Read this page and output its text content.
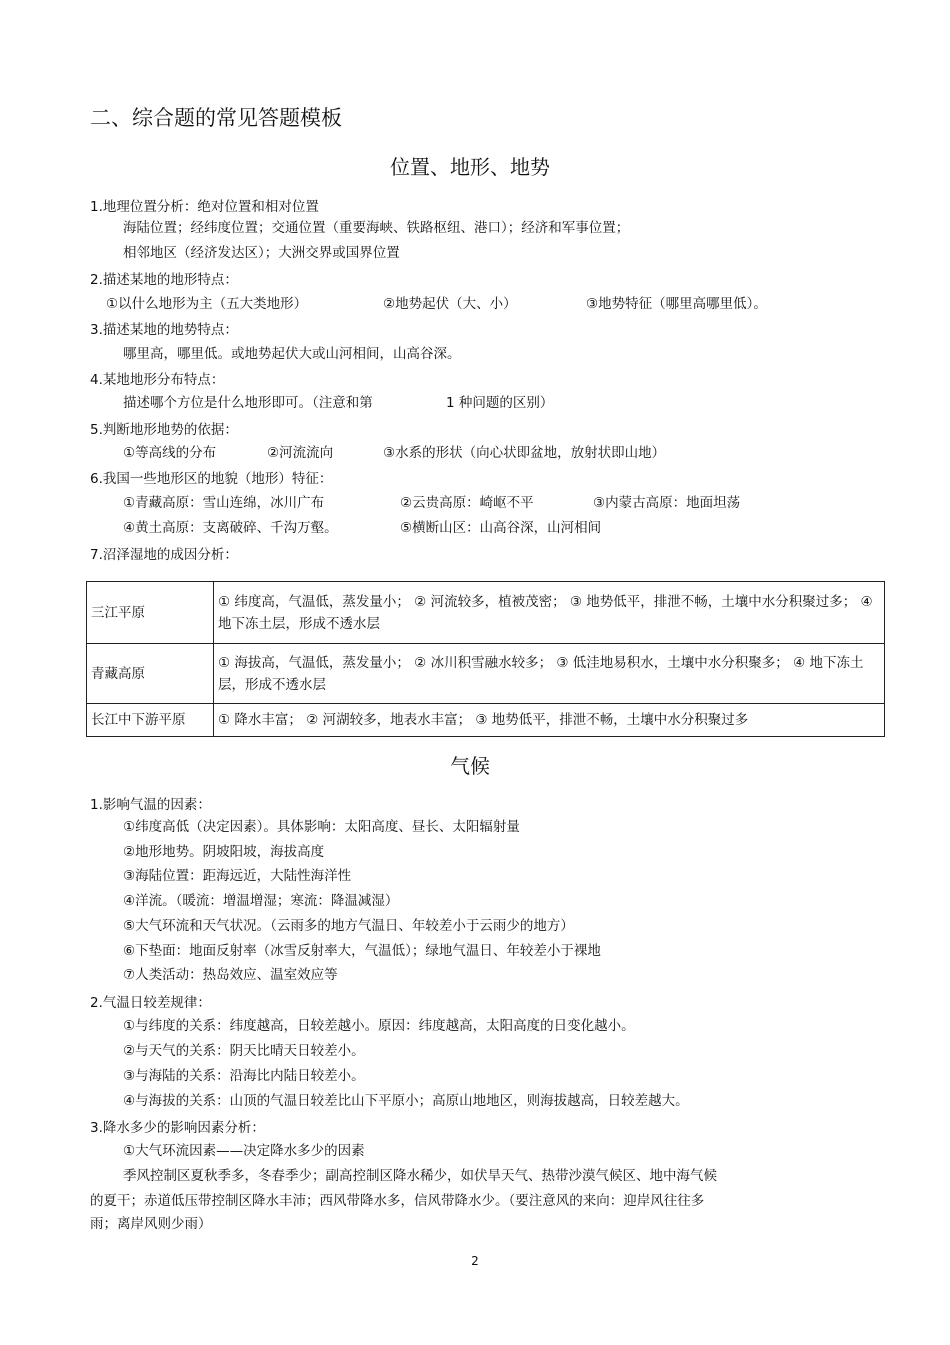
二、综合题的常见答题模板
位置、地形、地势
1.地理位置分析：绝对位置和相对位置
海陆位置；经纬度位置；交通位置（重要海峡、铁路枢纽、港口）；经济和军事位置；
相邻地区（经济发达区）；大洲交界或国界位置
2.描述某地的地形特点：
①以什么地形为主（五大类地形）	②地势起伏（大、小）	③地势特征（哪里高哪里低）。
3.描述某地的地势特点：
哪里高，哪里低。或地势起伏大或山河相间，山高谷深。
4.某地地形分布特点：
描述哪个方位是什么地形即可。（注意和第	1 种问题的区别）
5.判断地形地势的依据：
①等高线的分布	②河流流向	③水系的形状（向心状即盆地，放射状即山地）
6.我国一些地形区的地貌（地形）特征：
①青藏高原：雪山连绵，冰川广布	②云贵高原：崎岖不平	③内蒙古高原：地面坦荡
④黄土高原：支离破碎、千沟万壑。	⑤横断山区：山高谷深，山河相间
7.沼泽湿地的成因分析：
三江平原	① 纬度高，气温低，蒸发量小； ② 河流较多，植被茂密； ③ 地势低平，排泄不畅，土壤中水分积聚过多； ④ 地下冻土层，形成不透水层
青藏高原	① 海拔高，气温低，蒸发量小； ② 冰川积雪融水较多； ③ 低洼地易积水，土壤中水分积聚多； ④ 地下冻土层，形成不透水层
长江中下游平原	① 降水丰富； ② 河湖较多，地表水丰富； ③ 地势低平，排泄不畅，土壤中水分积聚过多
气候
1.影响气温的因素：
①纬度高低（决定因素）。具体影响：太阳高度、昼长、太阳辐射量
②地形地势。阴坡阳坡，海拔高度
③海陆位置：距海远近，大陆性海洋性
④洋流。（暖流：增温增湿；寒流：降温减湿）
⑤大气环流和天气状况。（云雨多的地方气温日、年较差小于云雨少的地方）
⑥下垫面：地面反射率（冰雪反射率大，气温低）；绿地气温日、年较差小于裸地
⑦人类活动：热岛效应、温室效应等
2.气温日较差规律：
①与纬度的关系：纬度越高，日较差越小。原因：纬度越高，太阳高度的日变化越小。
②与天气的关系：阴天比晴天日较差小。
③与海陆的关系：沿海比内陆日较差小。
④与海拔的关系：山顶的气温日较差比山下平原小；高原山地地区，则海拔越高，日较差越大。
3.降水多少的影响因素分析：
①大气环流因素——决定降水多少的因素
季风控制区夏秋季多，冬春季少；副高控制区降水稀少，如伏旱天气、热带沙漠气候区、地中海气候
的夏干；赤道低压带控制区降水丰沛；西风带降水多，信风带降水少。（要注意风的来向：迎岸风往往多
雨；离岸风则少雨）
2
